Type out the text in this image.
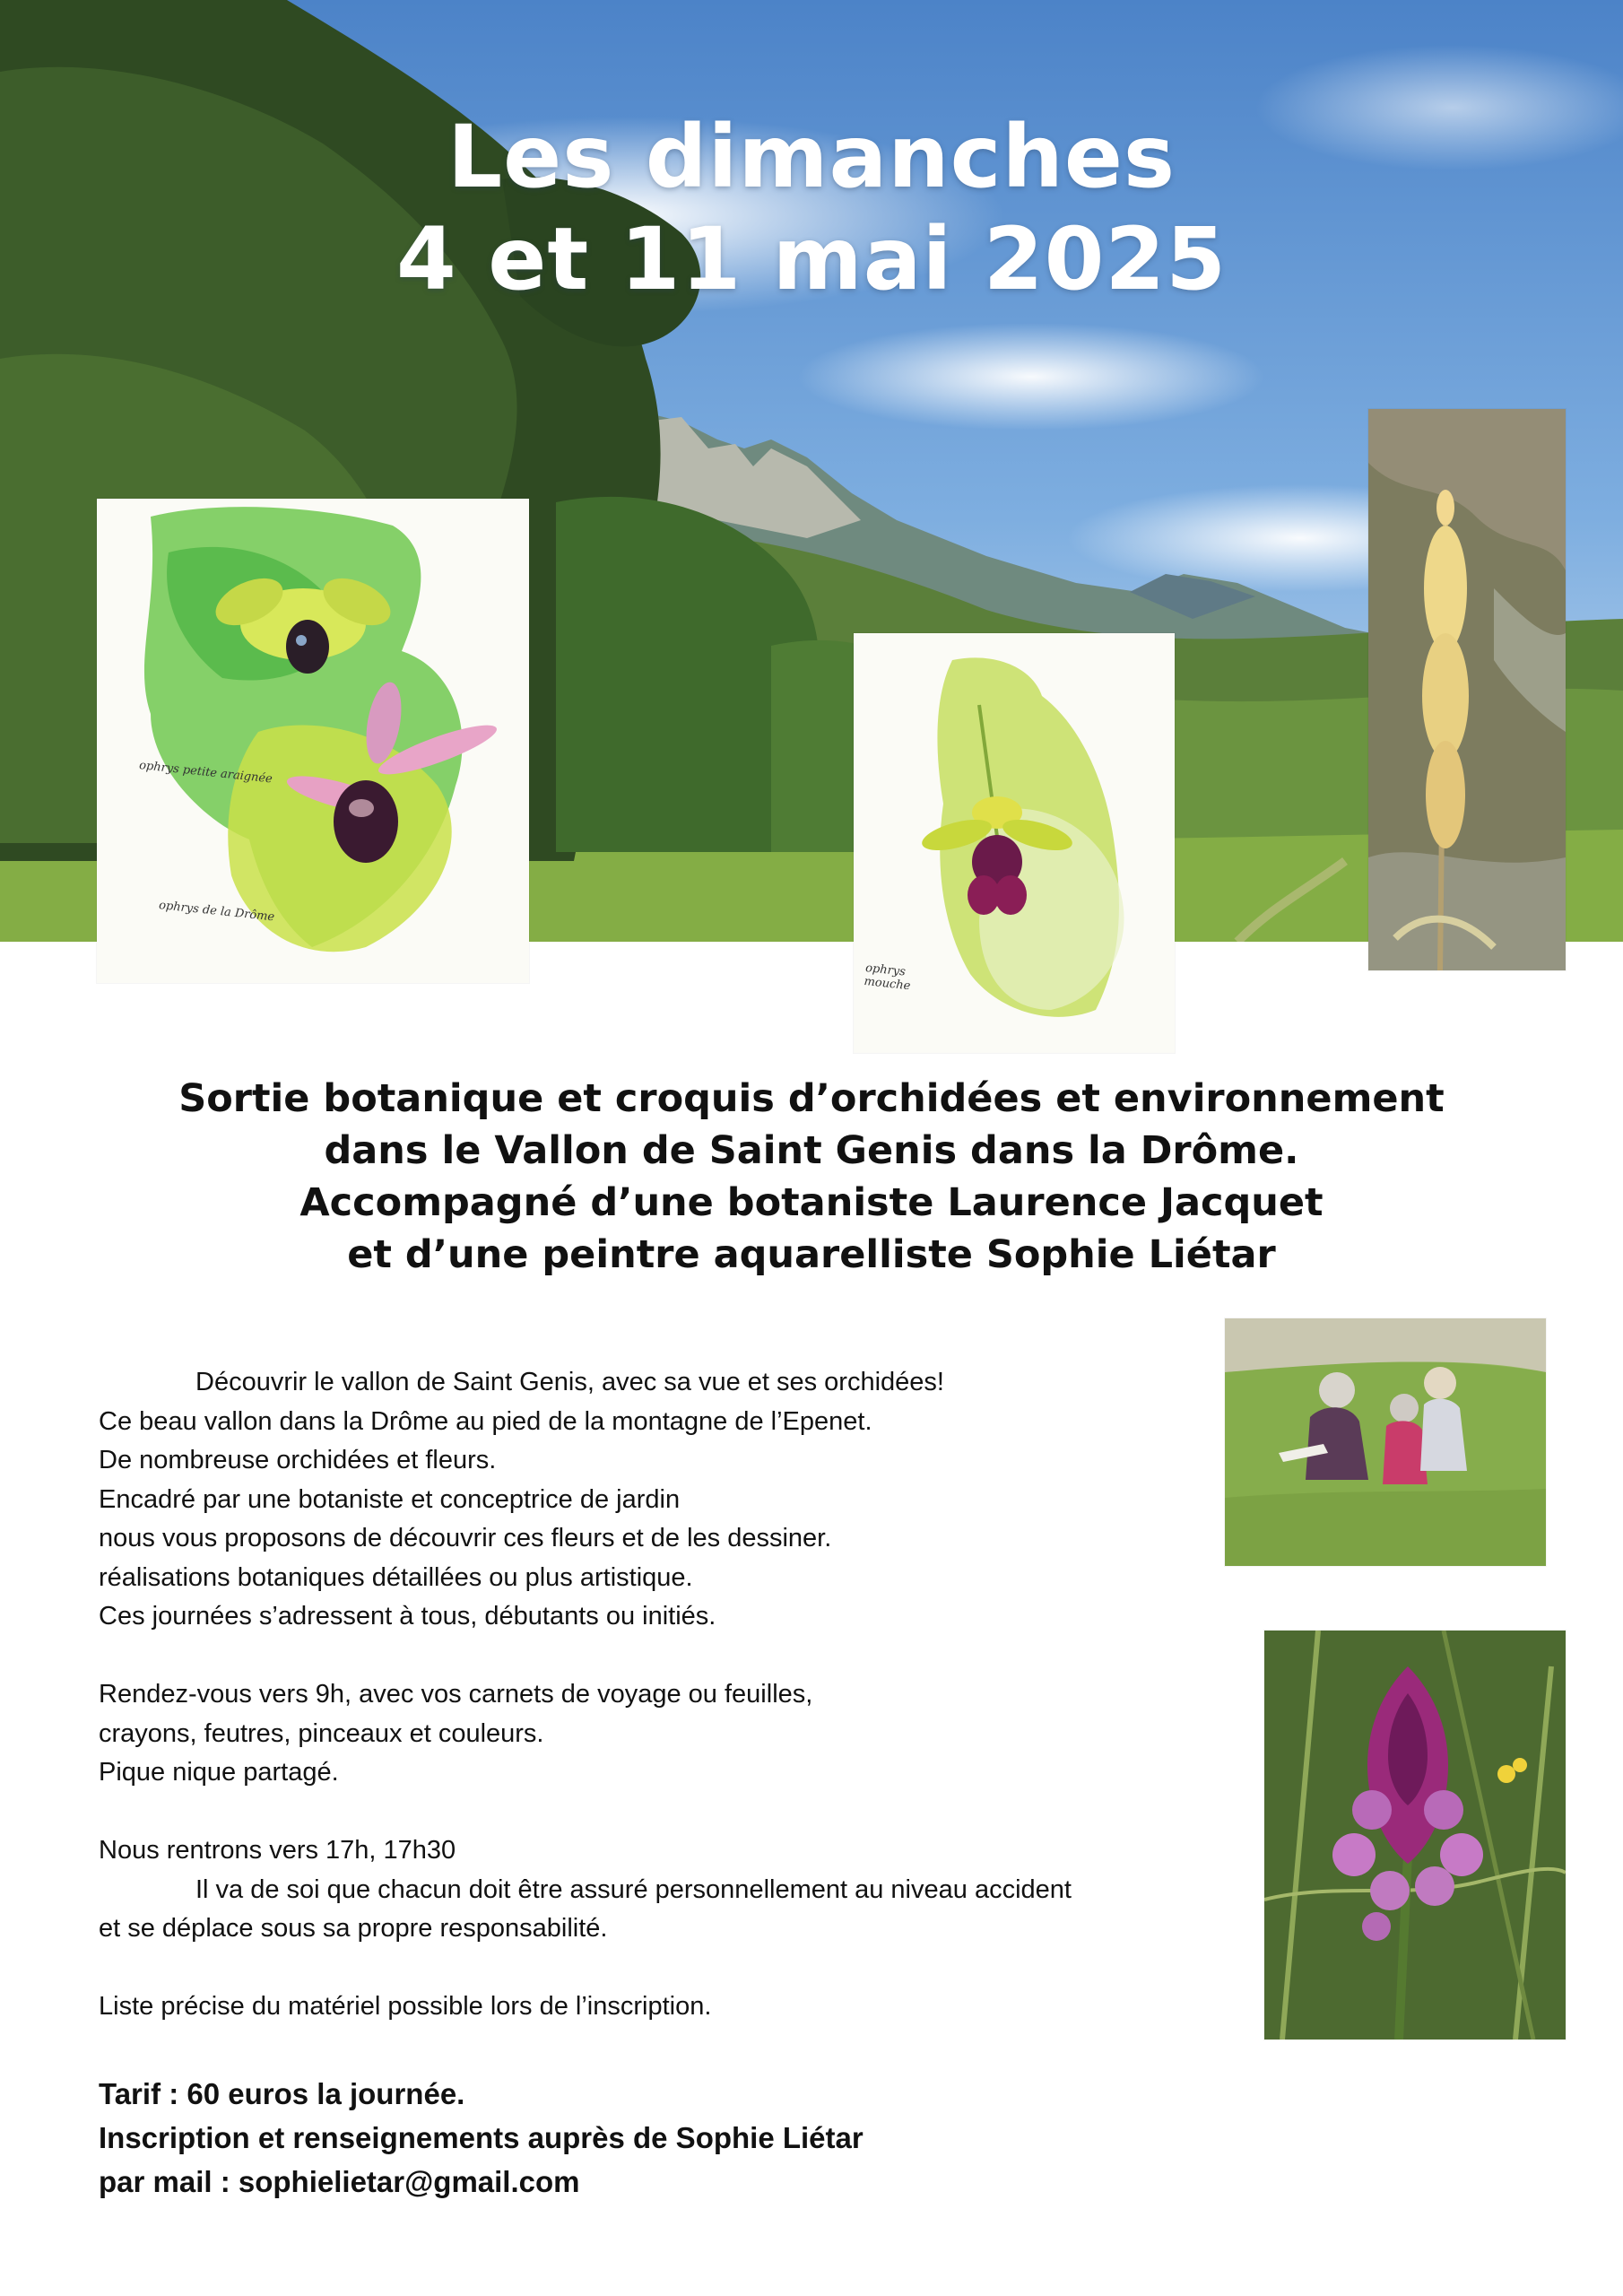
Les dimanches
4 et 11 mai 2025
ophrys petite araignée
ophrys de la Drôme
ophrys mouche
Sortie botanique et croquis d’orchidées et environnement
dans le Vallon de Saint Genis dans la Drôme.
Accompagné d’une botaniste Laurence Jacquet
et d’une peintre aquarelliste Sophie Liétar
Découvrir le vallon de Saint Genis, avec sa vue et ses orchidées!
Ce beau vallon dans la Drôme au pied de la montagne de l’Epenet.
De nombreuse orchidées et fleurs.
Encadré par une botaniste et conceptrice de jardin
nous vous proposons de découvrir ces fleurs et de les dessiner.
réalisations botaniques détaillées ou plus artistique.
Ces journées s’adressent à tous, débutants ou initiés.
Rendez-vous vers 9h, avec vos carnets de voyage ou feuilles,
crayons, feutres, pinceaux et couleurs.
Pique nique partagé.
Nous rentrons vers 17h, 17h30
Il va de soi que chacun doit être assuré personnellement au niveau accident
et se déplace sous sa propre responsabilité.
Liste précise du matériel possible lors de l’inscription.
Tarif : 60 euros la journée.
Inscription et renseignements auprès de Sophie Liétar
par mail : sophielietar@gmail.com
